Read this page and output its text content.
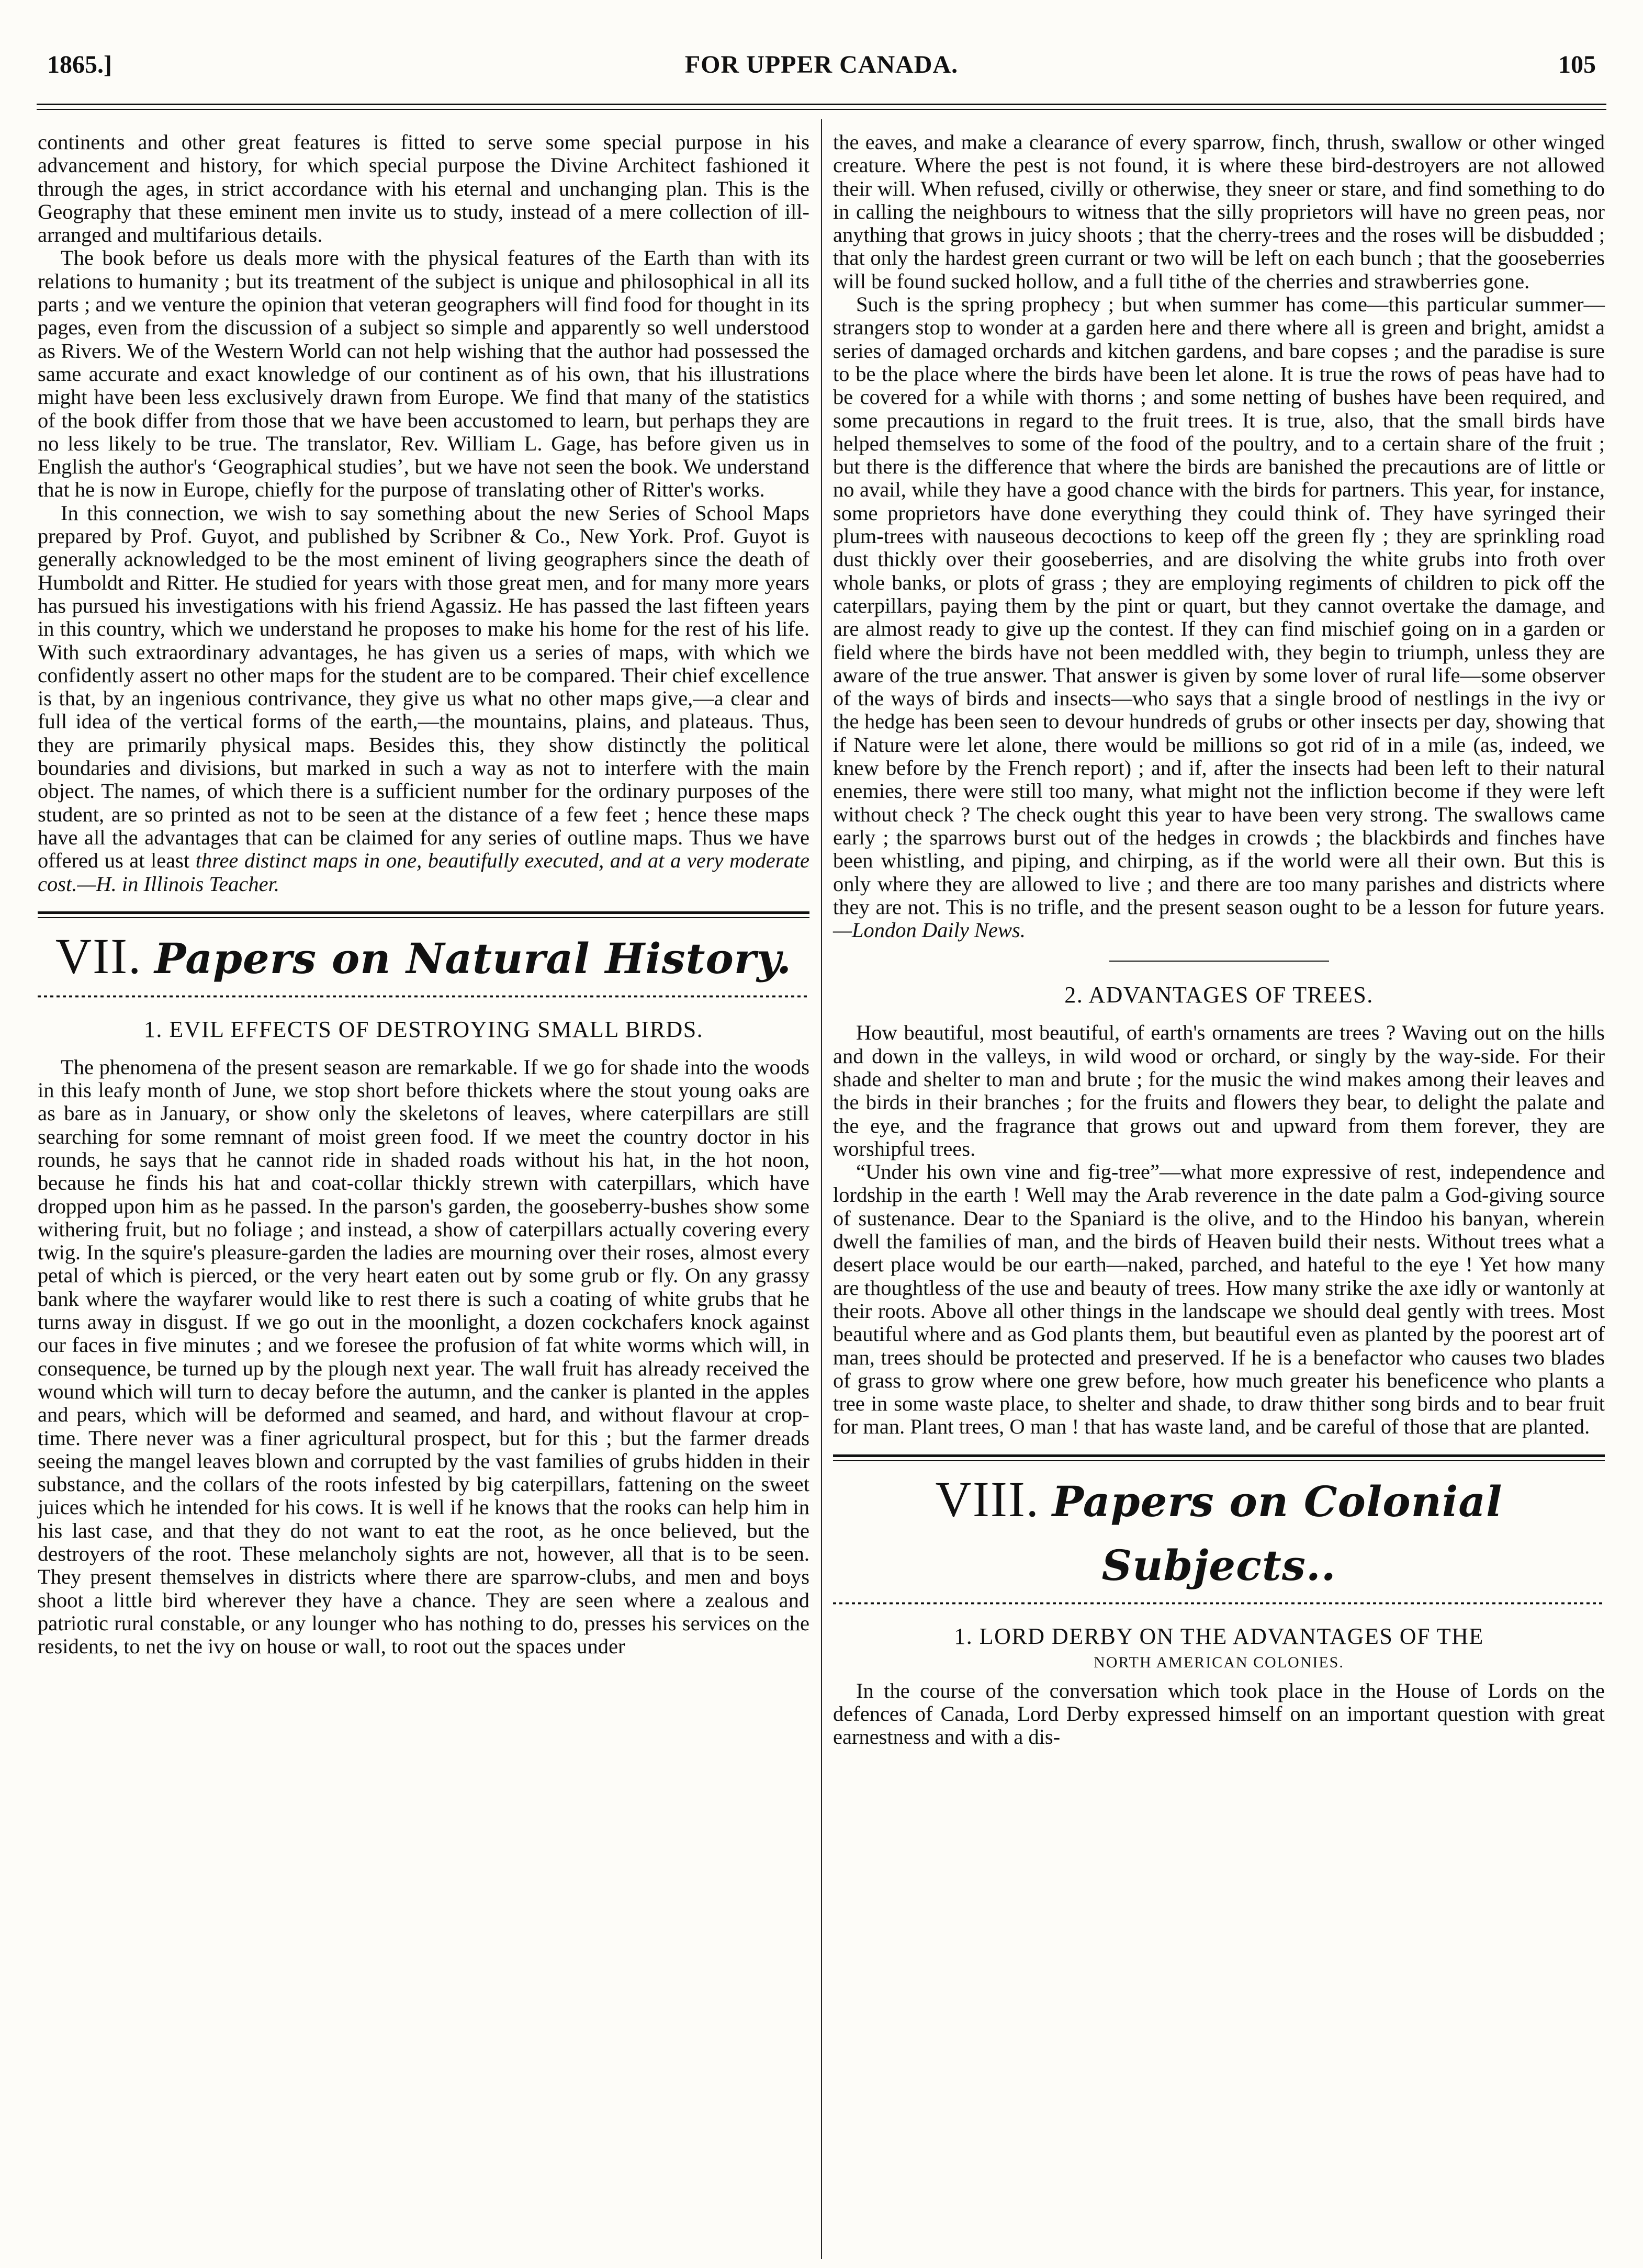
1865.]	FOR UPPER CANADA.	105

continents and other great features is fitted to serve some special purpose in his advancement and history, for which special purpose the Divine Architect fashioned it through the ages, in strict accordance with his eternal and unchanging plan. This is the Geography that these eminent men invite us to study, instead of a mere collection of ill-arranged and multifarious details.

The book before us deals more with the physical features of the Earth than with its relations to humanity ; but its treatment of the subject is unique and philosophical in all its parts ; and we venture the opinion that veteran geographers will find food for thought in its pages, even from the discussion of a subject so simple and apparently so well understood as Rivers. We of the Western World can not help wishing that the author had possessed the same accurate and exact knowledge of our continent as of his own, that his illustrations might have been less exclusively drawn from Europe. We find that many of the statistics of the book differ from those that we have been accustomed to learn, but perhaps they are no less likely to be true. The translator, Rev. William L. Gage, has before given us in English the author's ‘Geographical studies’, but we have not seen the book. We understand that he is now in Europe, chiefly for the purpose of translating other of Ritter's works.

In this connection, we wish to say something about the new Series of School Maps prepared by Prof. Guyot, and published by Scribner & Co., New York. Prof. Guyot is generally acknowledged to be the most eminent of living geographers since the death of Humboldt and Ritter. He studied for years with those great men, and for many more years has pursued his investigations with his friend Agassiz. He has passed the last fifteen years in this country, which we understand he proposes to make his home for the rest of his life. With such extraordinary advantages, he has given us a series of maps, with which we confidently assert no other maps for the student are to be compared. Their chief excellence is that, by an ingenious contrivance, they give us what no other maps give,—a clear and full idea of the vertical forms of the earth,—the mountains, plains, and plateaus. Thus, they are primarily physical maps. Besides this, they show distinctly the political boundaries and divisions, but marked in such a way as not to interfere with the main object. The names, of which there is a sufficient number for the ordinary purposes of the student, are so printed as not to be seen at the distance of a few feet ; hence these maps have all the advantages that can be claimed for any series of outline maps. Thus we have offered us at least three distinct maps in one, beautifully executed, and at a very moderate cost.—H. in Illinois Teacher.

VII. Papers on Natural History.
1. EVIL EFFECTS OF DESTROYING SMALL BIRDS.

The phenomena of the present season are remarkable. If we go for shade into the woods in this leafy month of June, we stop short before thickets where the stout young oaks are as bare as in January, or show only the skeletons of leaves, where caterpillars are still searching for some remnant of moist green food. If we meet the country doctor in his rounds, he says that he cannot ride in shaded roads without his hat, in the hot noon, because he finds his hat and coat-collar thickly strewn with caterpillars, which have dropped upon him as he passed. In the parson's garden, the gooseberry-bushes show some withering fruit, but no foliage ; and instead, a show of caterpillars actually covering every twig. In the squire's pleasure-garden the ladies are mourning over their roses, almost every petal of which is pierced, or the very heart eaten out by some grub or fly. On any grassy bank where the wayfarer would like to rest there is such a coating of white grubs that he turns away in disgust. If we go out in the moonlight, a dozen cockchafers knock against our faces in five minutes ; and we foresee the profusion of fat white worms which will, in consequence, be turned up by the plough next year. The wall fruit has already received the wound which will turn to decay before the autumn, and the canker is planted in the apples and pears, which will be deformed and seamed, and hard, and without flavour at crop-time. There never was a finer agricultural prospect, but for this ; but the farmer dreads seeing the mangel leaves blown and corrupted by the vast families of grubs hidden in their substance, and the collars of the roots infested by big caterpillars, fattening on the sweet juices which he intended for his cows. It is well if he knows that the rooks can help him in his last case, and that they do not want to eat the root, as he once believed, but the destroyers of the root. These melancholy sights are not, however, all that is to be seen. They present themselves in districts where there are sparrow-clubs, and men and boys shoot a little bird wherever they have a chance. They are seen where a zealous and patriotic rural constable, or any lounger who has nothing to do, presses his services on the residents, to net the ivy on house or wall, to root out the spaces under

the eaves, and make a clearance of every sparrow, finch, thrush, swallow or other winged creature. Where the pest is not found, it is where these bird-destroyers are not allowed their will. When refused, civilly or otherwise, they sneer or stare, and find something to do in calling the neighbours to witness that the silly proprietors will have no green peas, nor anything that grows in juicy shoots ; that the cherry-trees and the roses will be disbudded ; that only the hardest green currant or two will be left on each bunch ; that the gooseberries will be found sucked hollow, and a full tithe of the cherries and strawberries gone.

Such is the spring prophecy ; but when summer has come—this particular summer—strangers stop to wonder at a garden here and there where all is green and bright, amidst a series of damaged orchards and kitchen gardens, and bare copses ; and the paradise is sure to be the place where the birds have been let alone. It is true the rows of peas have had to be covered for a while with thorns ; and some netting of bushes have been required, and some precautions in regard to the fruit trees. It is true, also, that the small birds have helped themselves to some of the food of the poultry, and to a certain share of the fruit ; but there is the difference that where the birds are banished the precautions are of little or no avail, while they have a good chance with the birds for partners. This year, for instance, some proprietors have done everything they could think of. They have syringed their plum-trees with nauseous decoctions to keep off the green fly ; they are sprinkling road dust thickly over their gooseberries, and are disolving the white grubs into froth over whole banks, or plots of grass ; they are employing regiments of children to pick off the caterpillars, paying them by the pint or quart, but they cannot overtake the damage, and are almost ready to give up the contest. If they can find mischief going on in a garden or field where the birds have not been meddled with, they begin to triumph, unless they are aware of the true answer. That answer is given by some lover of rural life—some observer of the ways of birds and insects—who says that a single brood of nestlings in the ivy or the hedge has been seen to devour hundreds of grubs or other insects per day, showing that if Nature were let alone, there would be millions so got rid of in a mile (as, indeed, we knew before by the French report) ; and if, after the insects had been left to their natural enemies, there were still too many, what might not the infliction become if they were left without check ? The check ought this year to have been very strong. The swallows came early ; the sparrows burst out of the hedges in crowds ; the blackbirds and finches have been whistling, and piping, and chirping, as if the world were all their own. But this is only where they are allowed to live ; and there are too many parishes and districts where they are not. This is no trifle, and the present season ought to be a lesson for future years.—London Daily News.

2. ADVANTAGES OF TREES.

How beautiful, most beautiful, of earth's ornaments are trees ? Waving out on the hills and down in the valleys, in wild wood or orchard, or singly by the way-side. For their shade and shelter to man and brute ; for the music the wind makes among their leaves and the birds in their branches ; for the fruits and flowers they bear, to delight the palate and the eye, and the fragrance that grows out and upward from them forever, they are worshipful trees.

“Under his own vine and fig-tree”—what more expressive of rest, independence and lordship in the earth ! Well may the Arab reverence in the date palm a God-giving source of sustenance. Dear to the Spaniard is the olive, and to the Hindoo his banyan, wherein dwell the families of man, and the birds of Heaven build their nests. Without trees what a desert place would be our earth—naked, parched, and hateful to the eye ! Yet how many are thoughtless of the use and beauty of trees. How many strike the axe idly or wantonly at their roots. Above all other things in the landscape we should deal gently with trees. Most beautiful where and as God plants them, but beautiful even as planted by the poorest art of man, trees should be protected and preserved. If he is a benefactor who causes two blades of grass to grow where one grew before, how much greater his beneficence who plants a tree in some waste place, to shelter and shade, to draw thither song birds and to bear fruit for man. Plant trees, O man ! that has waste land, and be careful of those that are planted.

VIII. Papers on Colonial Subjects..
1. LORD DERBY ON THE ADVANTAGES OF THE
NORTH AMERICAN COLONIES.

In the course of the conversation which took place in the House of Lords on the defences of Canada, Lord Derby expressed himself on an important question with great earnestness and with a dis-
